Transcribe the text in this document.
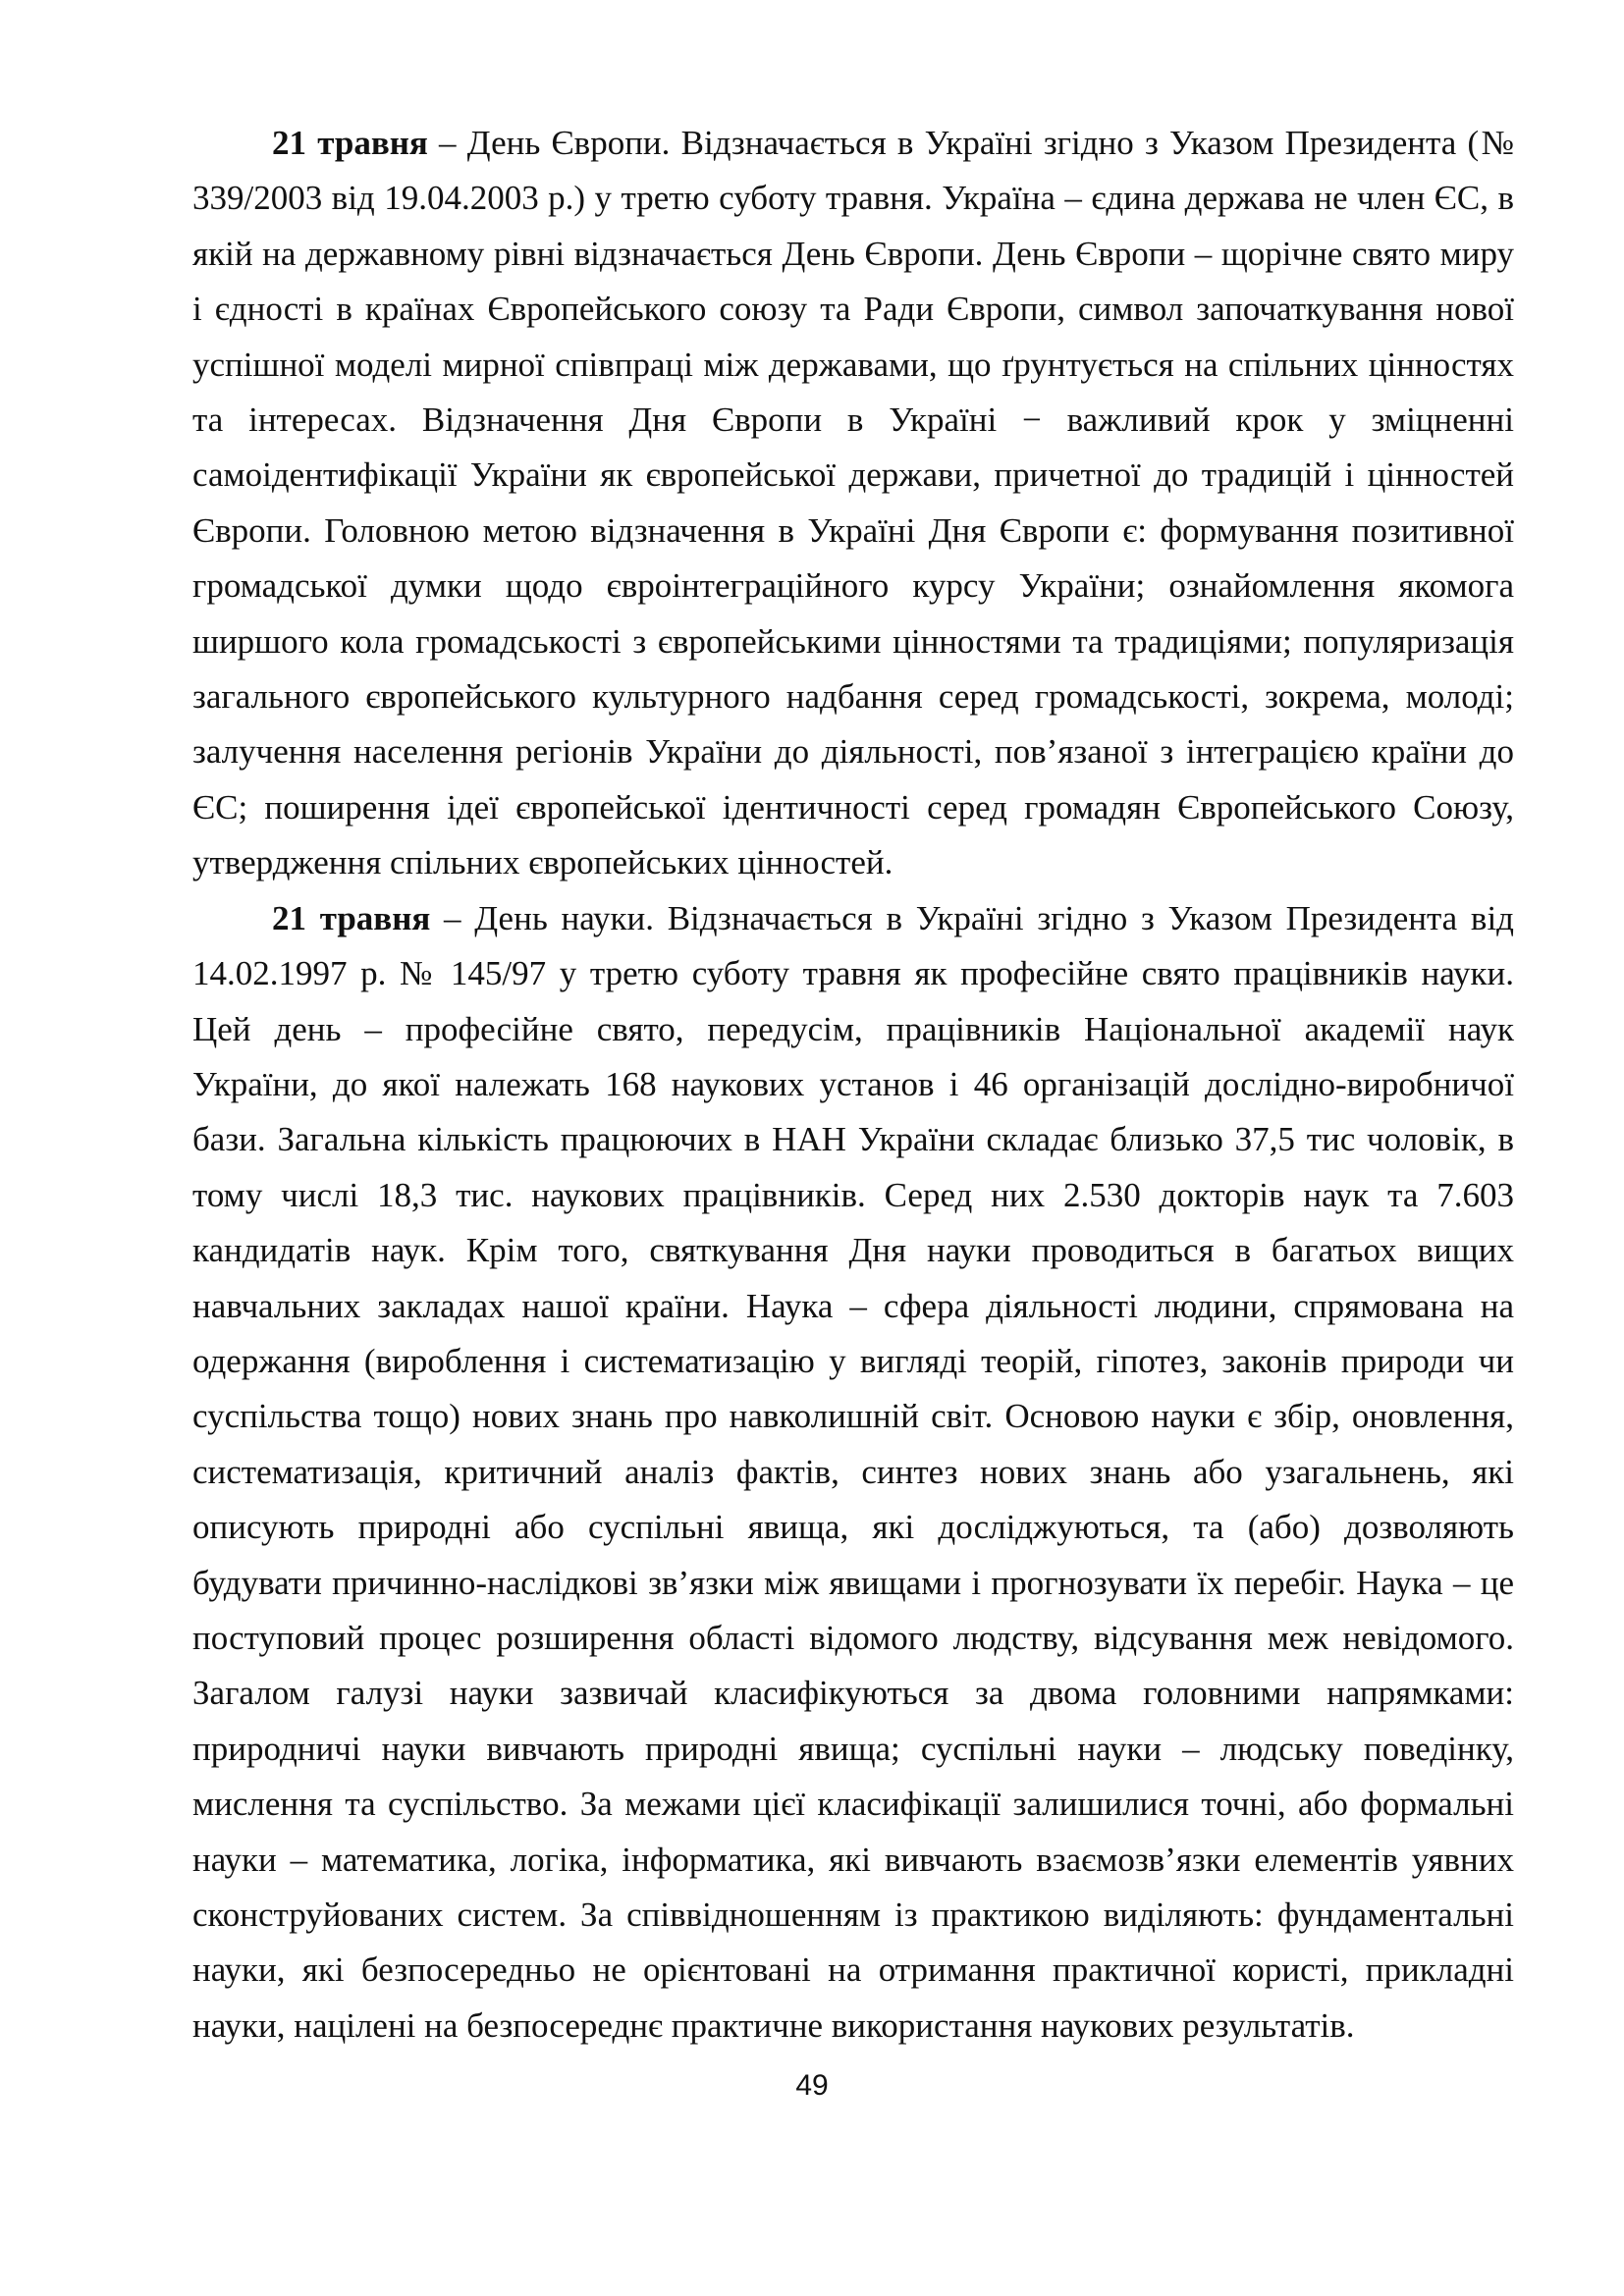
21 травня – День Європи. Відзначається в Україні згідно з Указом Президента (№ 339/2003 від 19.04.2003 р.) у третю суботу травня. Україна – єдина держава не член ЄС, в якій на державному рівні відзначається День Європи. День Європи – щорічне свято миру і єдності в країнах Європейського союзу та Ради Європи, символ започаткування нової успішної моделі мирної співпраці між державами, що ґрунтується на спільних цінностях та інтересах. Відзначення Дня Європи в Україні − важливий крок у зміцненні самоідентифікації України як європейської держави, причетної до традицій і цінностей Європи. Головною метою відзначення в Україні Дня Європи є: формування позитивної громадської думки щодо євроінтеграційного курсу України; ознайомлення якомога ширшого кола громадськості з європейськими цінностями та традиціями; популяризація загального європейського культурного надбання серед громадськості, зокрема, молоді; залучення населення регіонів України до діяльності, пов’язаної з інтеграцією країни до ЄС; поширення ідеї європейської ідентичності серед громадян Європейського Союзу, утвердження спільних європейських цінностей.

21 травня – День науки. Відзначається в Україні згідно з Указом Президента від 14.02.1997 р. № 145/97 у третю суботу травня як професійне свято працівників науки. Цей день – професійне свято, передусім, працівників Національної академії наук України, до якої належать 168 наукових установ і 46 організацій дослідно-виробничої бази. Загальна кількість працюючих в НАН України складає близько 37,5 тис чоловік, в тому числі 18,3 тис. наукових працівників. Серед них 2.530 докторів наук та 7.603 кандидатів наук. Крім того, святкування Дня науки проводиться в багатьох вищих навчальних закладах нашої країни. Наука – сфера діяльності людини, спрямована на одержання (вироблення і систематизацію у вигляді теорій, гіпотез, законів природи чи суспільства тощо) нових знань про навколишній світ. Основою науки є збір, оновлення, систематизація, критичний аналіз фактів, синтез нових знань або узагальнень, які описують природні або суспільні явища, які досліджуються, та (або) дозволяють будувати причинно-наслідкові зв’язки між явищами і прогнозувати їх перебіг. Наука – це поступовий процес розширення області відомого людству, відсування меж невідомого. Загалом галузі науки зазвичай класифікуються за двома головними напрямками: природничі науки вивчають природні явища; суспільні науки – людську поведінку, мислення та суспільство. За межами цієї класифікації залишилися точні, або формальні науки – математика, логіка, інформатика, які вивчають взаємозв’язки елементів уявних сконструйованих систем. За співвідношенням із практикою виділяють: фундаментальні науки, які безпосередньо не орієнтовані на отримання практичної користі, прикладні науки, націлені на безпосереднє практичне використання наукових результатів.

49
